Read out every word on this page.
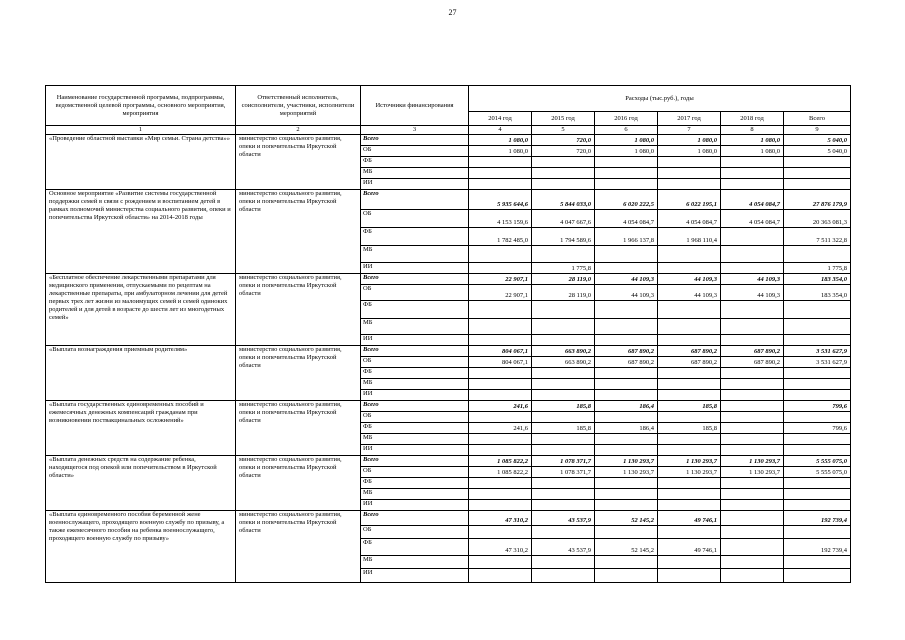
27
Наименование государственной программы, подпрограммы, ведомственной целевой программы, основного мероприятия, мероприятия	Ответственный исполнитель, соисполнители, участники, исполнители мероприятий	Источники финансирования	Расходы (тыс.руб.), годы					
			2014 год	2015 год	2016 год	2017 год	2018 год	Всего
1	2	3	4	5	6	7	8	9
«Проведение областной выставки «Мир семьи. Страна детства»»	министерство социального развития, опеки и попечительства Иркутской области	Всего	1 080,0	720,0	1 080,0	1 080,0	1 080,0	5 040,0
		ОБ	1 080,0	720,0	1 080,0	1 080,0	1 080,0	5 040,0
		ФБ						
		МБ						
		ИИ						
Основное мероприятие «Развитие системы государственной поддержки семей в связи с рождением и воспитанием детей в рамках полномочий министерства социального развития, опеки и попечительства Иркутской области» на 2014-2018 годы	министерство социального развития, опеки и попечительства Иркутской области	Всего	5 935 644,6	5 844 033,0	6 020 222,5	6 022 195,1	4 054 084,7	27 876 179,9
		ОБ	4 153 159,6	4 047 667,6	4 054 084,7	4 054 084,7	4 054 084,7	20 363 081,3
		ФБ	1 782 485,0	1 794 589,6	1 966 137,8	1 968 110,4		7 511 322,8
		МБ						
		ИИ		1 775,8				1 775,8
«Бесплатное обеспечение лекарственными препаратами для медицинского применения, отпускаемыми по рецептам на лекарственные препараты, при амбулаторном лечении для детей первых трех лет жизни из малоимущих семей и семей одиноких родителей и для детей в возрасте до шести лет из многодетных семей»	министерство социального развития, опеки и попечительства Иркутской области	Всего	22 907,1	28 119,0	44 109,3	44 109,3	44 109,3	183 354,0
		ОБ	22 907,1	28 119,0	44 109,3	44 109,3	44 109,3	183 354,0
		ФБ						
		МБ						
		ИИ						
«Выплата вознаграждения приемным родителям»	министерство социального развития, опеки и попечительства Иркутской области	Всего	804 067,1	663 890,2	687 890,2	687 890,2	687 890,2	3 531 627,9
		ОБ	804 067,1	663 890,2	687 890,2	687 890,2	687 890,2	3 531 627,9
		ФБ						
		МБ						
		ИИ						
«Выплата государственных единовременных пособий и ежемесячных денежных компенсаций гражданам при возникновении поствакцинальных осложнений»	министерство социального развития, опеки и попечительства Иркутской области	Всего	241,6	185,8	186,4	185,8		799,6
		ОБ						
		ФБ	241,6	185,8	186,4	185,8		799,6
		МБ						
		ИИ						
«Выплата денежных средств на содержание ребенка, находящегося под опекой или попечительством в Иркутской области»	министерство социального развития, опеки и попечительства Иркутской области	Всего	1 085 822,2	1 078 371,7	1 130 293,7	1 130 293,7	1 130 293,7	5 555 075,0
		ОБ	1 085 822,2	1 078 371,7	1 130 293,7	1 130 293,7	1 130 293,7	5 555 075,0
		ФБ						
		МБ						
		ИИ						
«Выплата единовременного пособия беременной жене военнослужащего, проходящего военную службу по призыву, а также ежемесячного пособия на ребенка военнослужащего, проходящего военную службу по призыву»	министерство социального развития, опеки и попечительства Иркутской области	Всего	47 310,2	43 537,9	52 145,2	49 746,1		192 739,4
		ОБ						
		ФБ	47 310,2	43 537,9	52 145,2	49 746,1		192 739,4
		МБ						
		ИИ						
